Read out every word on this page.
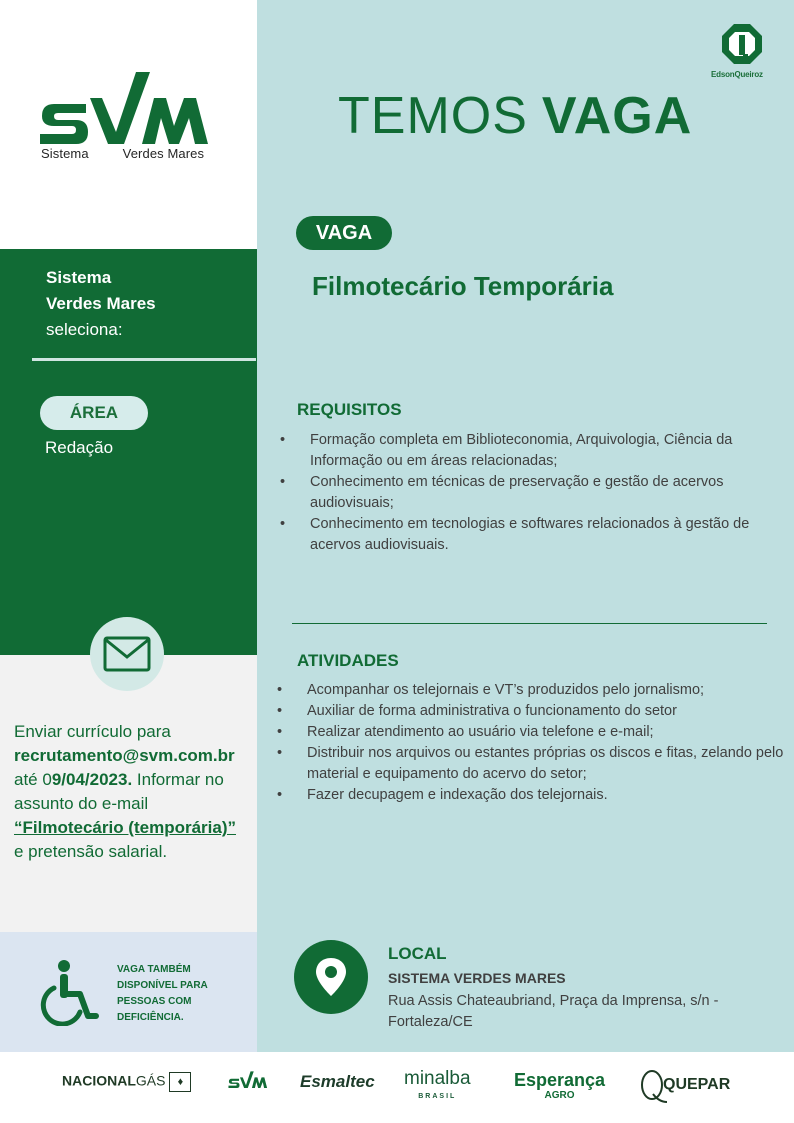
Sistema	Verdes Mares
EdsonQueiroz
TEMOS VAGA
VAGA
Filmotecário Temporária
Sistema
Verdes Mares
seleciona:
ÁREA
Redação
REQUISITOS
• Formação completa em Biblioteconomia, Arquivologia, Ciência da Informação ou em áreas relacionadas;
• Conhecimento em técnicas de preservação e gestão de acervos audiovisuais;
• Conhecimento em tecnologias e softwares relacionados à gestão de acervos audiovisuais.
ATIVIDADES
• Acompanhar os telejornais e VT’s produzidos pelo jornalismo;
• Auxiliar de forma administrativa o funcionamento do setor
• Realizar atendimento ao usuário via telefone e e-mail;
• Distribuir nos arquivos ou estantes próprias os discos e fitas, zelando pelo material e equipamento do acervo do setor;
• Fazer decupagem e indexação dos telejornais.
Enviar currículo para
recrutamento@svm.com.br
até 09/04/2023. Informar no
assunto do e-mail
“Filmotecário (temporária)”
e pretensão salarial.
VAGA TAMBÉM
DISPONÍVEL PARA
PESSOAS COM
DEFICIÊNCIA.
LOCAL
SISTEMA VERDES MARES
Rua Assis Chateaubriand, Praça da Imprensa, s/n -
Fortaleza/CE
NACIONALGÁS ♦	Esmaltec minalba
BRASIL
Esperança
AGRO
QUEPAR
